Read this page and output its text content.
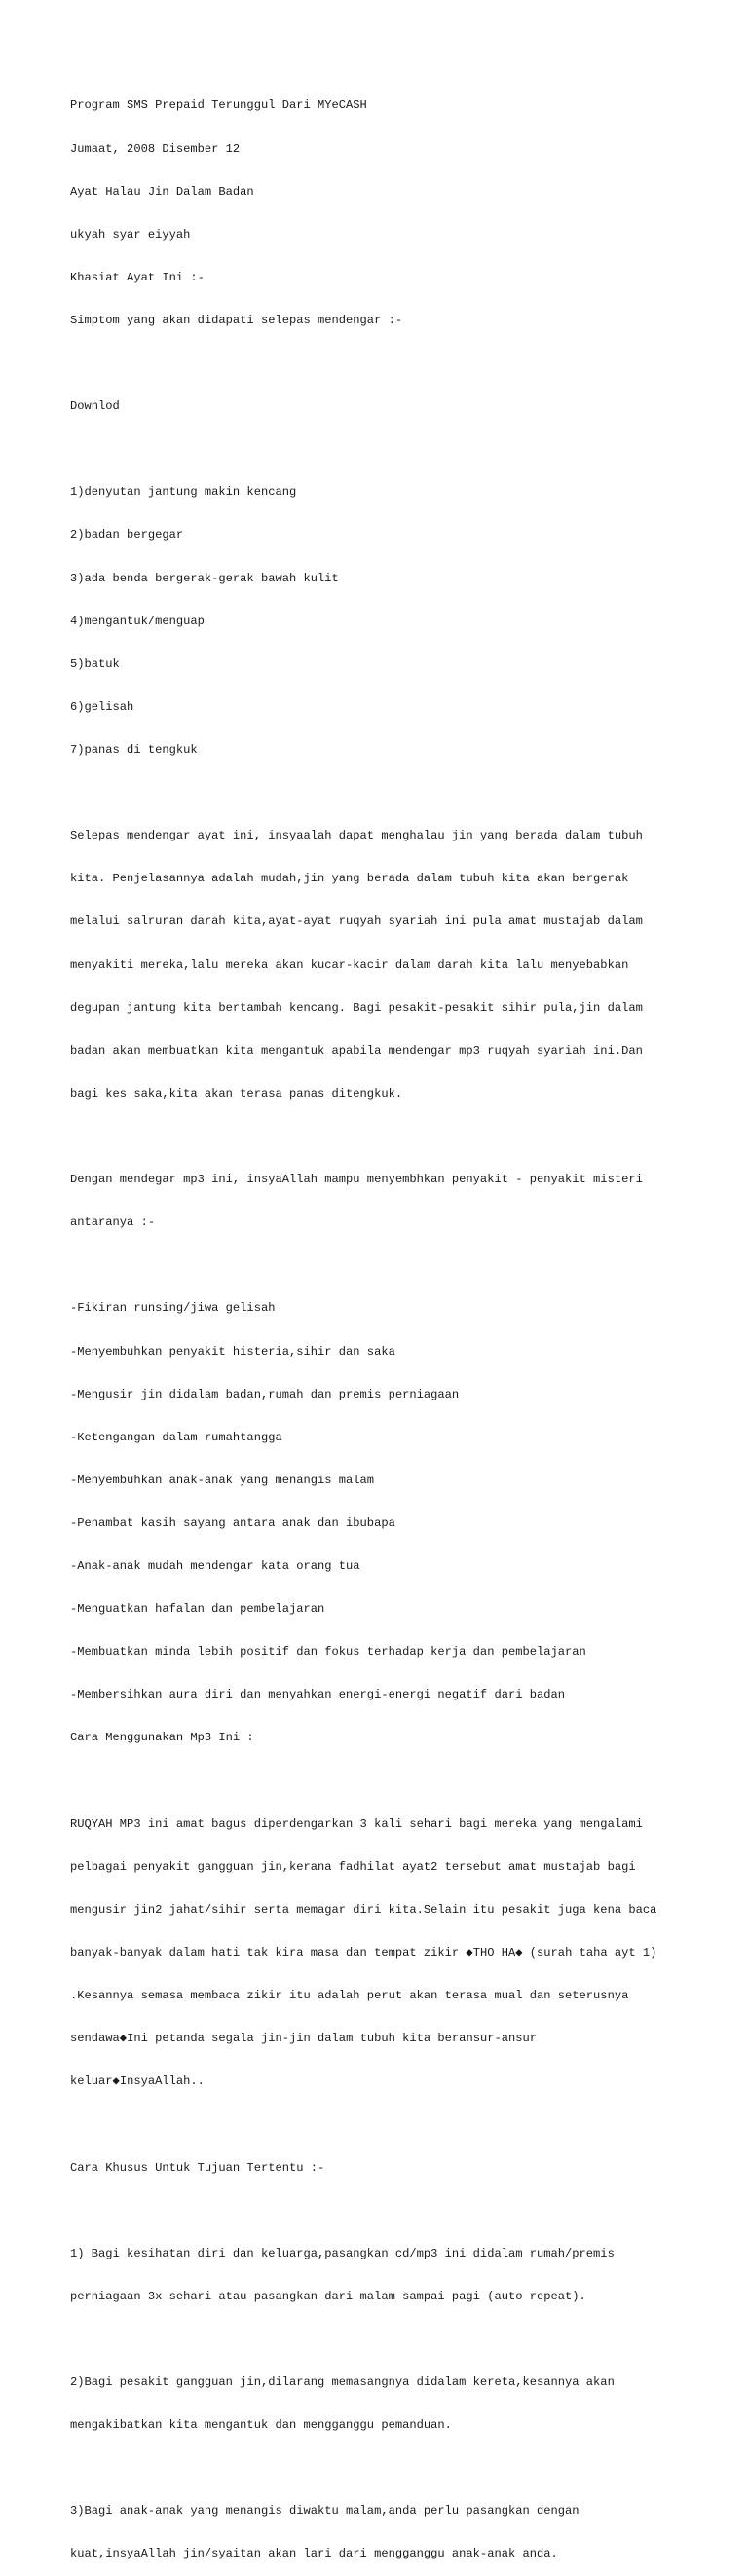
Program SMS Prepaid Terunggul Dari MYeCASH

Jumaat, 2008 Disember 12

Ayat Halau Jin Dalam Badan

ukyah syar eiyyah

Khasiat Ayat Ini :-

Simptom yang akan didapati selepas mendengar :-

Downlod

1)denyutan jantung makin kencang

2)badan bergegar

3)ada benda bergerak-gerak bawah kulit

4)mengantuk/menguap

5)batuk

6)gelisah

7)panas di tengkuk

Selepas mendengar ayat ini, insyaalah dapat menghalau jin yang berada dalam tubuh

kita. Penjelasannya adalah mudah,jin yang berada dalam tubuh kita akan bergerak

melalui salruran darah kita,ayat-ayat ruqyah syariah ini pula amat mustajab dalam

menyakiti mereka,lalu mereka akan kucar-kacir dalam darah kita lalu menyebabkan

degupan jantung kita bertambah kencang. Bagi pesakit-pesakit sihir pula,jin dalam

badan akan membuatkan kita mengantuk apabila mendengar mp3 ruqyah syariah ini.Dan

bagi kes saka,kita akan terasa panas ditengkuk.

Dengan mendegar mp3 ini, insyaAllah mampu menyembhkan penyakit - penyakit misteri

antaranya :-

-Fikiran runsing/jiwa gelisah

-Menyembuhkan penyakit histeria,sihir dan saka

-Mengusir jin didalam badan,rumah dan premis perniagaan

-Ketengangan dalam rumahtangga

-Menyembuhkan anak-anak yang menangis malam

-Penambat kasih sayang antara anak dan ibubapa

-Anak-anak mudah mendengar kata orang tua

-Menguatkan hafalan dan pembelajaran

-Membuatkan minda lebih positif dan fokus terhadap kerja dan pembelajaran

-Membersihkan aura diri dan menyahkan energi-energi negatif dari badan

Cara Menggunakan Mp3 Ini :

RUQYAH MP3 ini amat bagus diperdengarkan 3 kali sehari bagi mereka yang mengalami

pelbagai penyakit gangguan jin,kerana fadhilat ayat2 tersebut amat mustajab bagi

mengusir jin2 jahat/sihir serta memagar diri kita.Selain itu pesakit juga kena baca

banyak-banyak dalam hati tak kira masa dan tempat zikir ◆THO HA◆ (surah taha ayt 1)

.Kesannya semasa membaca zikir itu adalah perut akan terasa mual dan seterusnya

sendawa◆Ini petanda segala jin-jin dalam tubuh kita beransur-ansur

keluar◆InsyaAllah..

Cara Khusus Untuk Tujuan Tertentu :-

1) Bagi kesihatan diri dan keluarga,pasangkan cd/mp3 ini didalam rumah/premis

perniagaan 3x sehari atau pasangkan dari malam sampai pagi (auto repeat).

2)Bagi pesakit gangguan jin,dilarang memasangnya didalam kereta,kesannya akan

mengakibatkan kita mengantuk dan mengganggu pemanduan.

3)Bagi anak-anak yang menangis diwaktu malam,anda perlu pasangkan dengan

kuat,insyaAllah jin/syaitan akan lari dari mengganggu anak-anak anda.
